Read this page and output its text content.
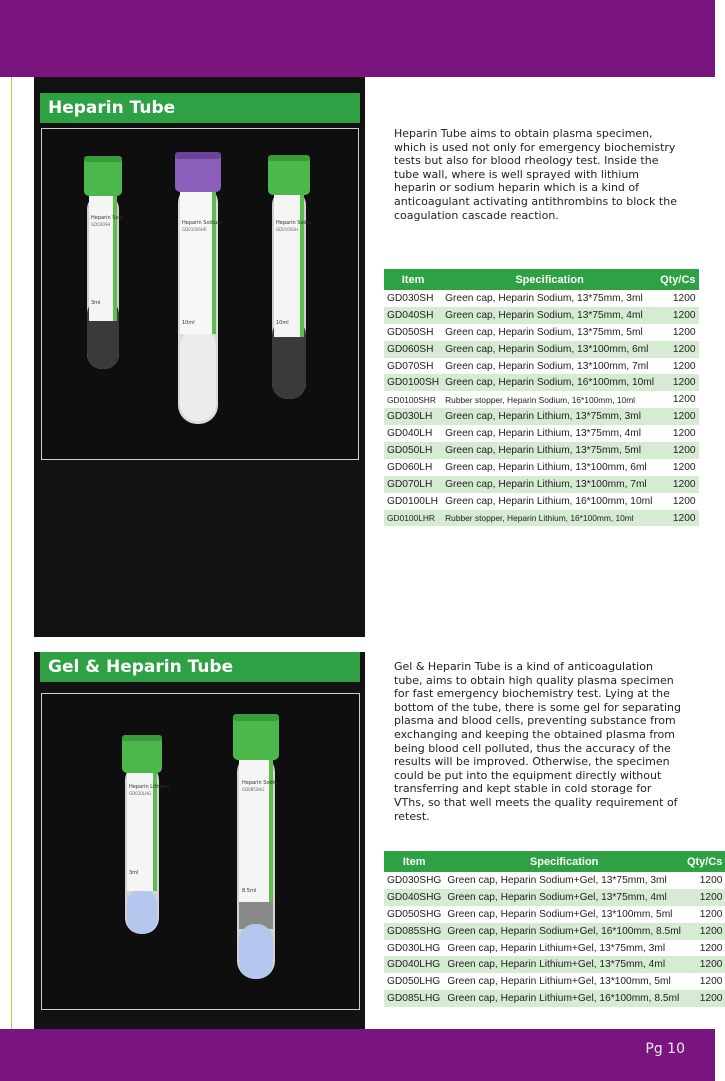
Heparin Tube
Heparin Sodi
GD030SH
3ml
Heparin Sodium
GD0100SHR
10ml
Heparin Sodiu
GD0100SH
10ml
Heparin Tube aims to obtain plasma specimen, which is used not only for emergency biochemistry tests but also for blood rheology test. Inside the tube wall, where is well sprayed with lithium heparin or sodium heparin which is a kind of anticoagulant activating antithrombins to block the coagulation cascade reaction.
Item	Specification	Qty/Cs
GD030SH	Green cap, Heparin Sodium, 13*75mm, 3ml	1200
GD040SH	Green cap, Heparin Sodium, 13*75mm, 4ml	1200
GD050SH	Green cap, Heparin Sodium, 13*75mm, 5ml	1200
GD060SH	Green cap, Heparin Sodium, 13*100mm, 6ml	1200
GD070SH	Green cap, Heparin Sodium, 13*100mm, 7ml	1200
GD0100SH	Green cap, Heparin Sodium, 16*100mm, 10ml	1200
GD0100SHR	Rubber stopper, Heparin Sodium, 16*100mm, 10ml	1200
GD030LH	Green cap, Heparin Lithium, 13*75mm, 3ml	1200
GD040LH	Green cap, Heparin Lithium, 13*75mm, 4ml	1200
GD050LH	Green cap, Heparin Lithium, 13*75mm, 5ml	1200
GD060LH	Green cap, Heparin Lithium, 13*100mm, 6ml	1200
GD070LH	Green cap, Heparin Lithium, 13*100mm, 7ml	1200
GD0100LH	Green cap, Heparin Lithium, 16*100mm, 10ml	1200
GD0100LHR	Rubber stopper, Heparin Lithium, 16*100mm, 10ml	1200
Gel & Heparin Tube
Heparin Lithium
GD030LHG
3ml
Heparin Sodiu
GD085SHG
8.5ml
Gel & Heparin Tube is a kind of anticoagulation tube, aims to obtain high quality plasma specimen for fast emergency biochemistry test. Lying at the bottom of the tube, there is some gel for separating plasma and blood cells, preventing substance from exchanging and keeping the obtained plasma from being blood cell polluted, thus the accuracy of the results will be improved. Otherwise, the specimen could be put into the equipment directly without transferring and kept stable in cold storage for VThs, so that well meets the quality requirement of retest.
Item	Specification	Qty/Cs
GD030SHG	Green cap, Heparin Sodium+Gel, 13*75mm, 3ml	1200
GD040SHG	Green cap, Heparin Sodium+Gel, 13*75mm, 4ml	1200
GD050SHG	Green cap, Heparin Sodium+Gel, 13*100mm, 5ml	1200
GD085SHG	Green cap, Heparin Sodium+Gel, 16*100mm, 8.5ml	1200
GD030LHG	Green cap, Heparin Lithium+Gel, 13*75mm, 3ml	1200
GD040LHG	Green cap, Heparin Lithium+Gel, 13*75mm, 4ml	1200
GD050LHG	Green cap, Heparin Lithium+Gel, 13*100mm, 5ml	1200
GD085LHG	Green cap, Heparin Lithium+Gel, 16*100mm, 8.5ml	1200
Pg 10
